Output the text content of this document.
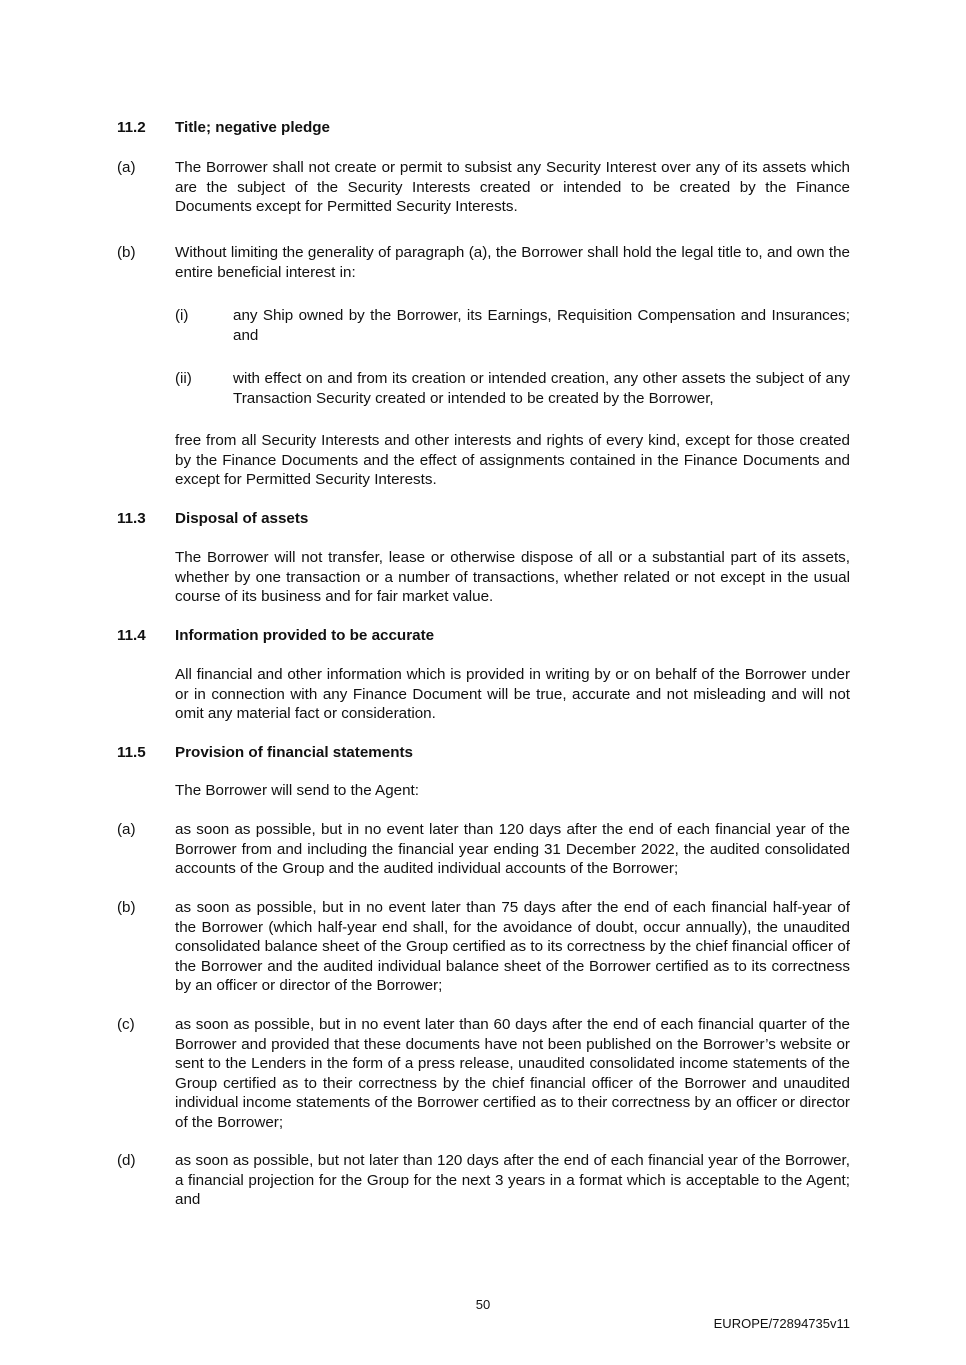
11.2 Title; negative pledge

(a)	The Borrower shall not create or permit to subsist any Security Interest over any of its assets which are the subject of the Security Interests created or intended to be created by the Finance Documents except for Permitted Security Interests.

(b)	Without limiting the generality of paragraph (a), the Borrower shall hold the legal title to, and own the entire beneficial interest in:

(i)	any Ship owned by the Borrower, its Earnings, Requisition Compensation and Insurances; and

(ii)	with effect on and from its creation or intended creation, any other assets the subject of any Transaction Security created or intended to be created by the Borrower,

free from all Security Interests and other interests and rights of every kind, except for those created by the Finance Documents and the effect of assignments contained in the Finance Documents and except for Permitted Security Interests.

11.3 Disposal of assets

The Borrower will not transfer, lease or otherwise dispose of all or a substantial part of its assets, whether by one transaction or a number of transactions, whether related or not except in the usual course of its business and for fair market value.

11.4 Information provided to be accurate

All financial and other information which is provided in writing by or on behalf of the Borrower under or in connection with any Finance Document will be true, accurate and not misleading and will not omit any material fact or consideration.

11.5 Provision of financial statements

The Borrower will send to the Agent:

(a)	as soon as possible, but in no event later than 120 days after the end of each financial year of the Borrower from and including the financial year ending 31 December 2022, the audited consolidated accounts of the Group and the audited individual accounts of the Borrower;

(b)	as soon as possible, but in no event later than 75 days after the end of each financial half-year of the Borrower (which half-year end shall, for the avoidance of doubt, occur annually), the unaudited consolidated balance sheet of the Group certified as to its correctness by the chief financial officer of the Borrower and the audited individual balance sheet of the Borrower certified as to its correctness by an officer or director of the Borrower;

(c)	as soon as possible, but in no event later than 60 days after the end of each financial quarter of the Borrower and provided that these documents have not been published on the Borrower’s website or sent to the Lenders in the form of a press release, unaudited consolidated income statements of the Group certified as to their correctness by the chief financial officer of the Borrower and unaudited individual income statements of the Borrower certified as to their correctness by an officer or director of the Borrower;

(d)	as soon as possible, but not later than 120 days after the end of each financial year of the Borrower, a financial projection for the Group for the next 3 years in a format which is acceptable to the Agent; and

50
EUROPE/72894735v11
